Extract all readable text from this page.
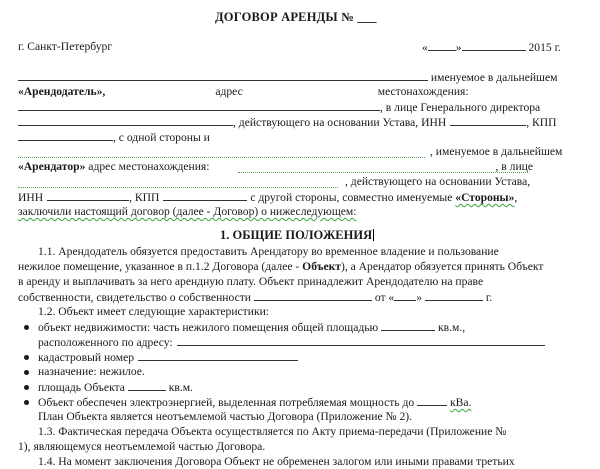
ДОГОВОР АРЕНДЫ № ___
г. Санкт-Петербург	« »	2015 г.
именуемое в дальнейшем
«Арендодатель»,	адрес	местонахождения:
, в лице Генерального директора
, действующего на основании Устава, ИНН	, КПП
, с одной стороны и
, именуемое в дальнейшем
«Арендатор» адрес местонахождения:	, в лице
, действующего на основании Устава,
ИНН	, КПП	с другой стороны, совместно именуемые «Стороны»,
заключили настоящий договор (далее - Договор) о нижеследующем:
1. ОБЩИЕ ПОЛОЖЕНИЯ
1.1. Арендодатель обязуется предоставить Арендатору во временное владение и пользование
нежилое помещение, указанное в п.1.2 Договора (далее - Объект), а Арендатор обязуется принять Объект
в аренду и выплачивать за него арендную плату. Объект принадлежит Арендодателю на праве
собственности, свидетельство о собственности	от « »	г.
1.2. Объект имеет следующие характеристики:
объект недвижимости: часть нежилого помещения общей площадью	кв.м.,
расположенного по адресу:
кадастровый номер
назначение: нежилое.
площадь Объекта	кв.м.
Объект обеспечен электроэнергией, выделенная потребляемая мощность до	кВа.
План Объекта является неотъемлемой частью Договора (Приложение № 2).
1.3. Фактическая передача Объекта осуществляется по Акту приема-передачи (Приложение №
1), являющемуся неотъемлемой частью Договора.
1.4. На момент заключения Договора Объект не обременен залогом или иными правами третьих
